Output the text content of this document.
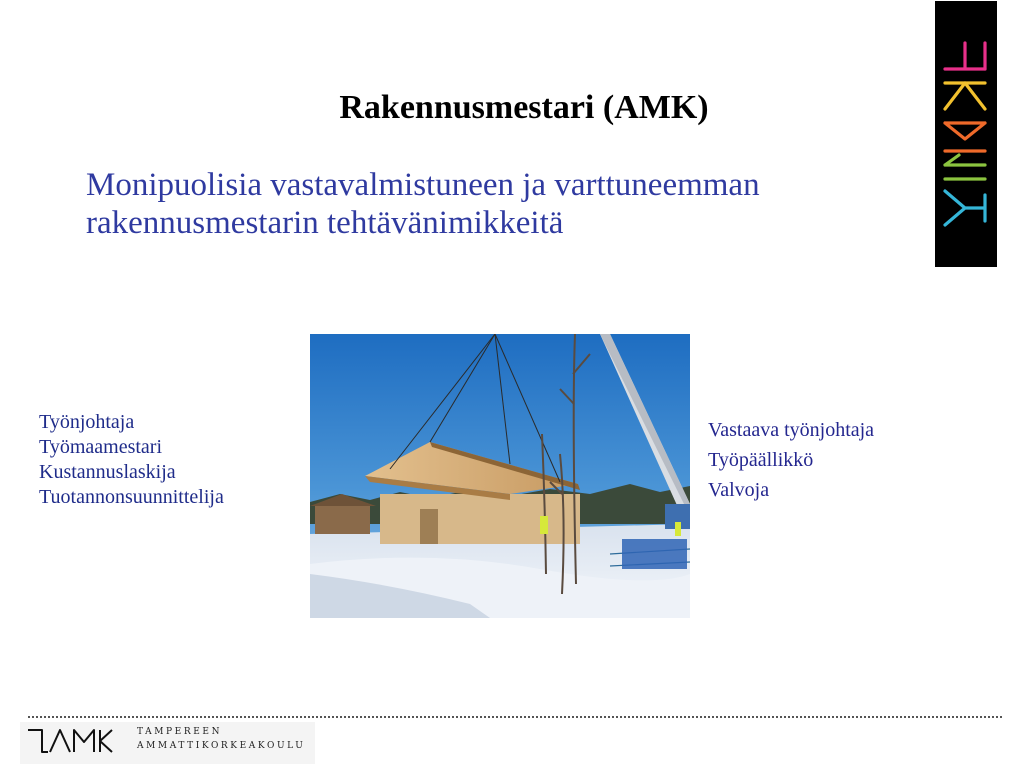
Rakennusmestari (AMK)
Monipuolisia vastavalmistuneen ja varttuneemman
rakennusmestarin tehtävänimikkeitä
Työnjohtaja
Työmaamestari
Kustannuslaskija
Tuotannonsuunnittelija
Vastaava työnjohtaja
Työpäällikkö
Valvoja
TAMPEREEN
AMMATTIKORKEAKOULU
